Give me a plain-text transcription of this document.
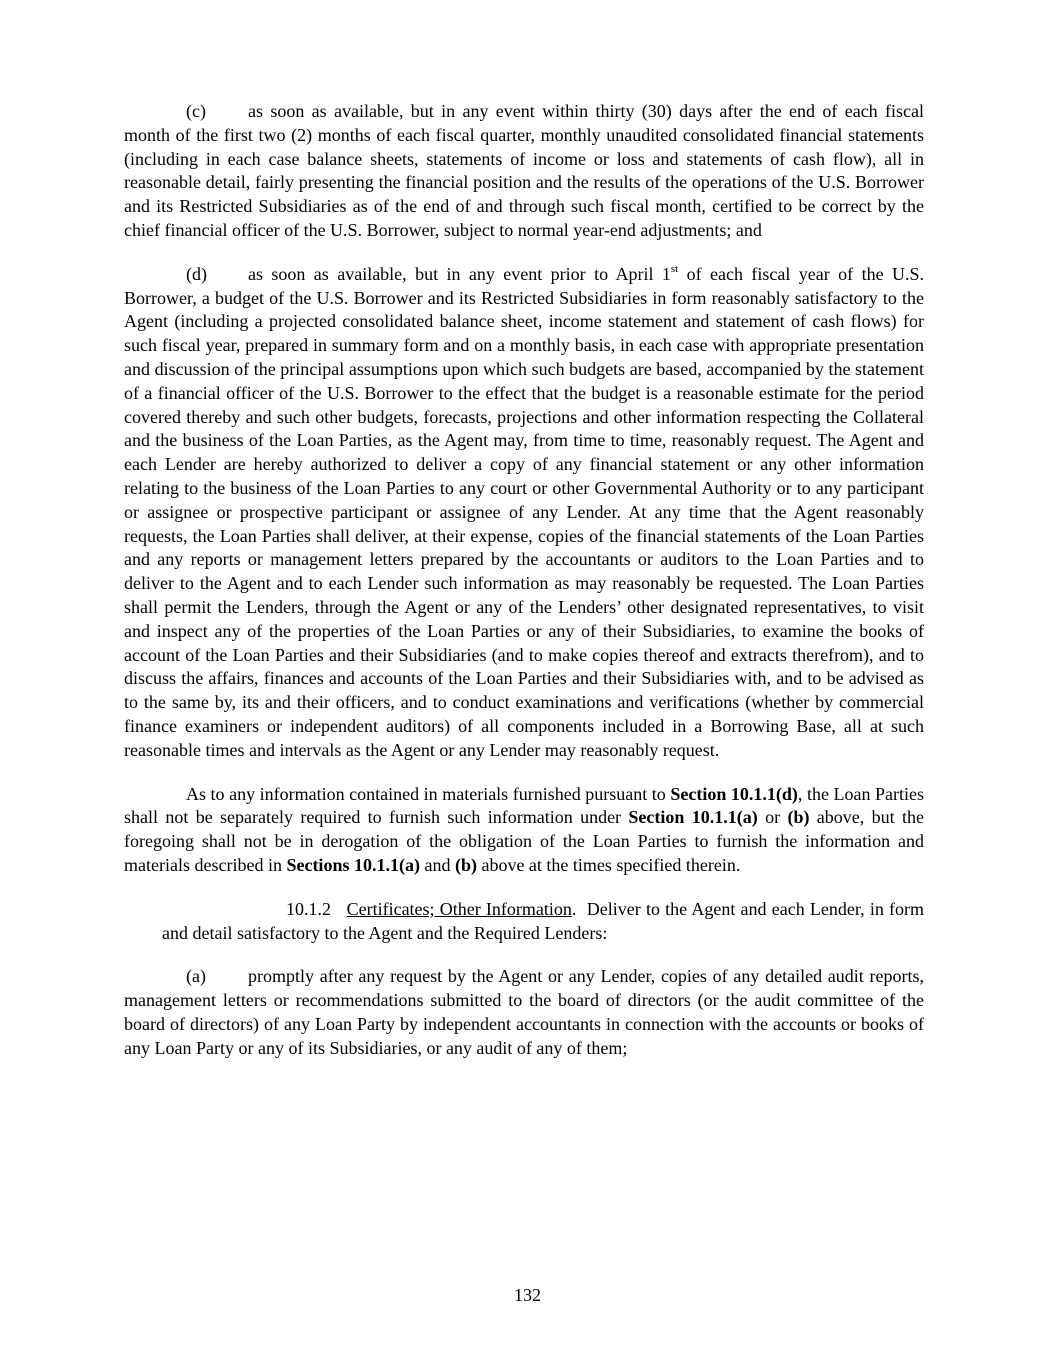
(c) as soon as available, but in any event within thirty (30) days after the end of each fiscal month of the first two (2) months of each fiscal quarter, monthly unaudited consolidated financial statements (including in each case balance sheets, statements of income or loss and statements of cash flow), all in reasonable detail, fairly presenting the financial position and the results of the operations of the U.S. Borrower and its Restricted Subsidiaries as of the end of and through such fiscal month, certified to be correct by the chief financial officer of the U.S. Borrower, subject to normal year-end adjustments; and

(d) as soon as available, but in any event prior to April 1st of each fiscal year of the U.S. Borrower, a budget of the U.S. Borrower and its Restricted Subsidiaries in form reasonably satisfactory to the Agent (including a projected consolidated balance sheet, income statement and statement of cash flows) for such fiscal year, prepared in summary form and on a monthly basis, in each case with appropriate presentation and discussion of the principal assumptions upon which such budgets are based, accompanied by the statement of a financial officer of the U.S. Borrower to the effect that the budget is a reasonable estimate for the period covered thereby and such other budgets, forecasts, projections and other information respecting the Collateral and the business of the Loan Parties, as the Agent may, from time to time, reasonably request. The Agent and each Lender are hereby authorized to deliver a copy of any financial statement or any other information relating to the business of the Loan Parties to any court or other Governmental Authority or to any participant or assignee or prospective participant or assignee of any Lender. At any time that the Agent reasonably requests, the Loan Parties shall deliver, at their expense, copies of the financial statements of the Loan Parties and any reports or management letters prepared by the accountants or auditors to the Loan Parties and to deliver to the Agent and to each Lender such information as may reasonably be requested. The Loan Parties shall permit the Lenders, through the Agent or any of the Lenders’ other designated representatives, to visit and inspect any of the properties of the Loan Parties or any of their Subsidiaries, to examine the books of account of the Loan Parties and their Subsidiaries (and to make copies thereof and extracts therefrom), and to discuss the affairs, finances and accounts of the Loan Parties and their Subsidiaries with, and to be advised as to the same by, its and their officers, and to conduct examinations and verifications (whether by commercial finance examiners or independent auditors) of all components included in a Borrowing Base, all at such reasonable times and intervals as the Agent or any Lender may reasonably request.

As to any information contained in materials furnished pursuant to Section 10.1.1(d), the Loan Parties shall not be separately required to furnish such information under Section 10.1.1(a) or (b) above, but the foregoing shall not be in derogation of the obligation of the Loan Parties to furnish the information and materials described in Sections 10.1.1(a) and (b) above at the times specified therein.

10.1.2 Certificates; Other Information. Deliver to the Agent and each Lender, in form and detail satisfactory to the Agent and the Required Lenders:

(a) promptly after any request by the Agent or any Lender, copies of any detailed audit reports, management letters or recommendations submitted to the board of directors (or the audit committee of the board of directors) of any Loan Party by independent accountants in connection with the accounts or books of any Loan Party or any of its Subsidiaries, or any audit of any of them;

132
